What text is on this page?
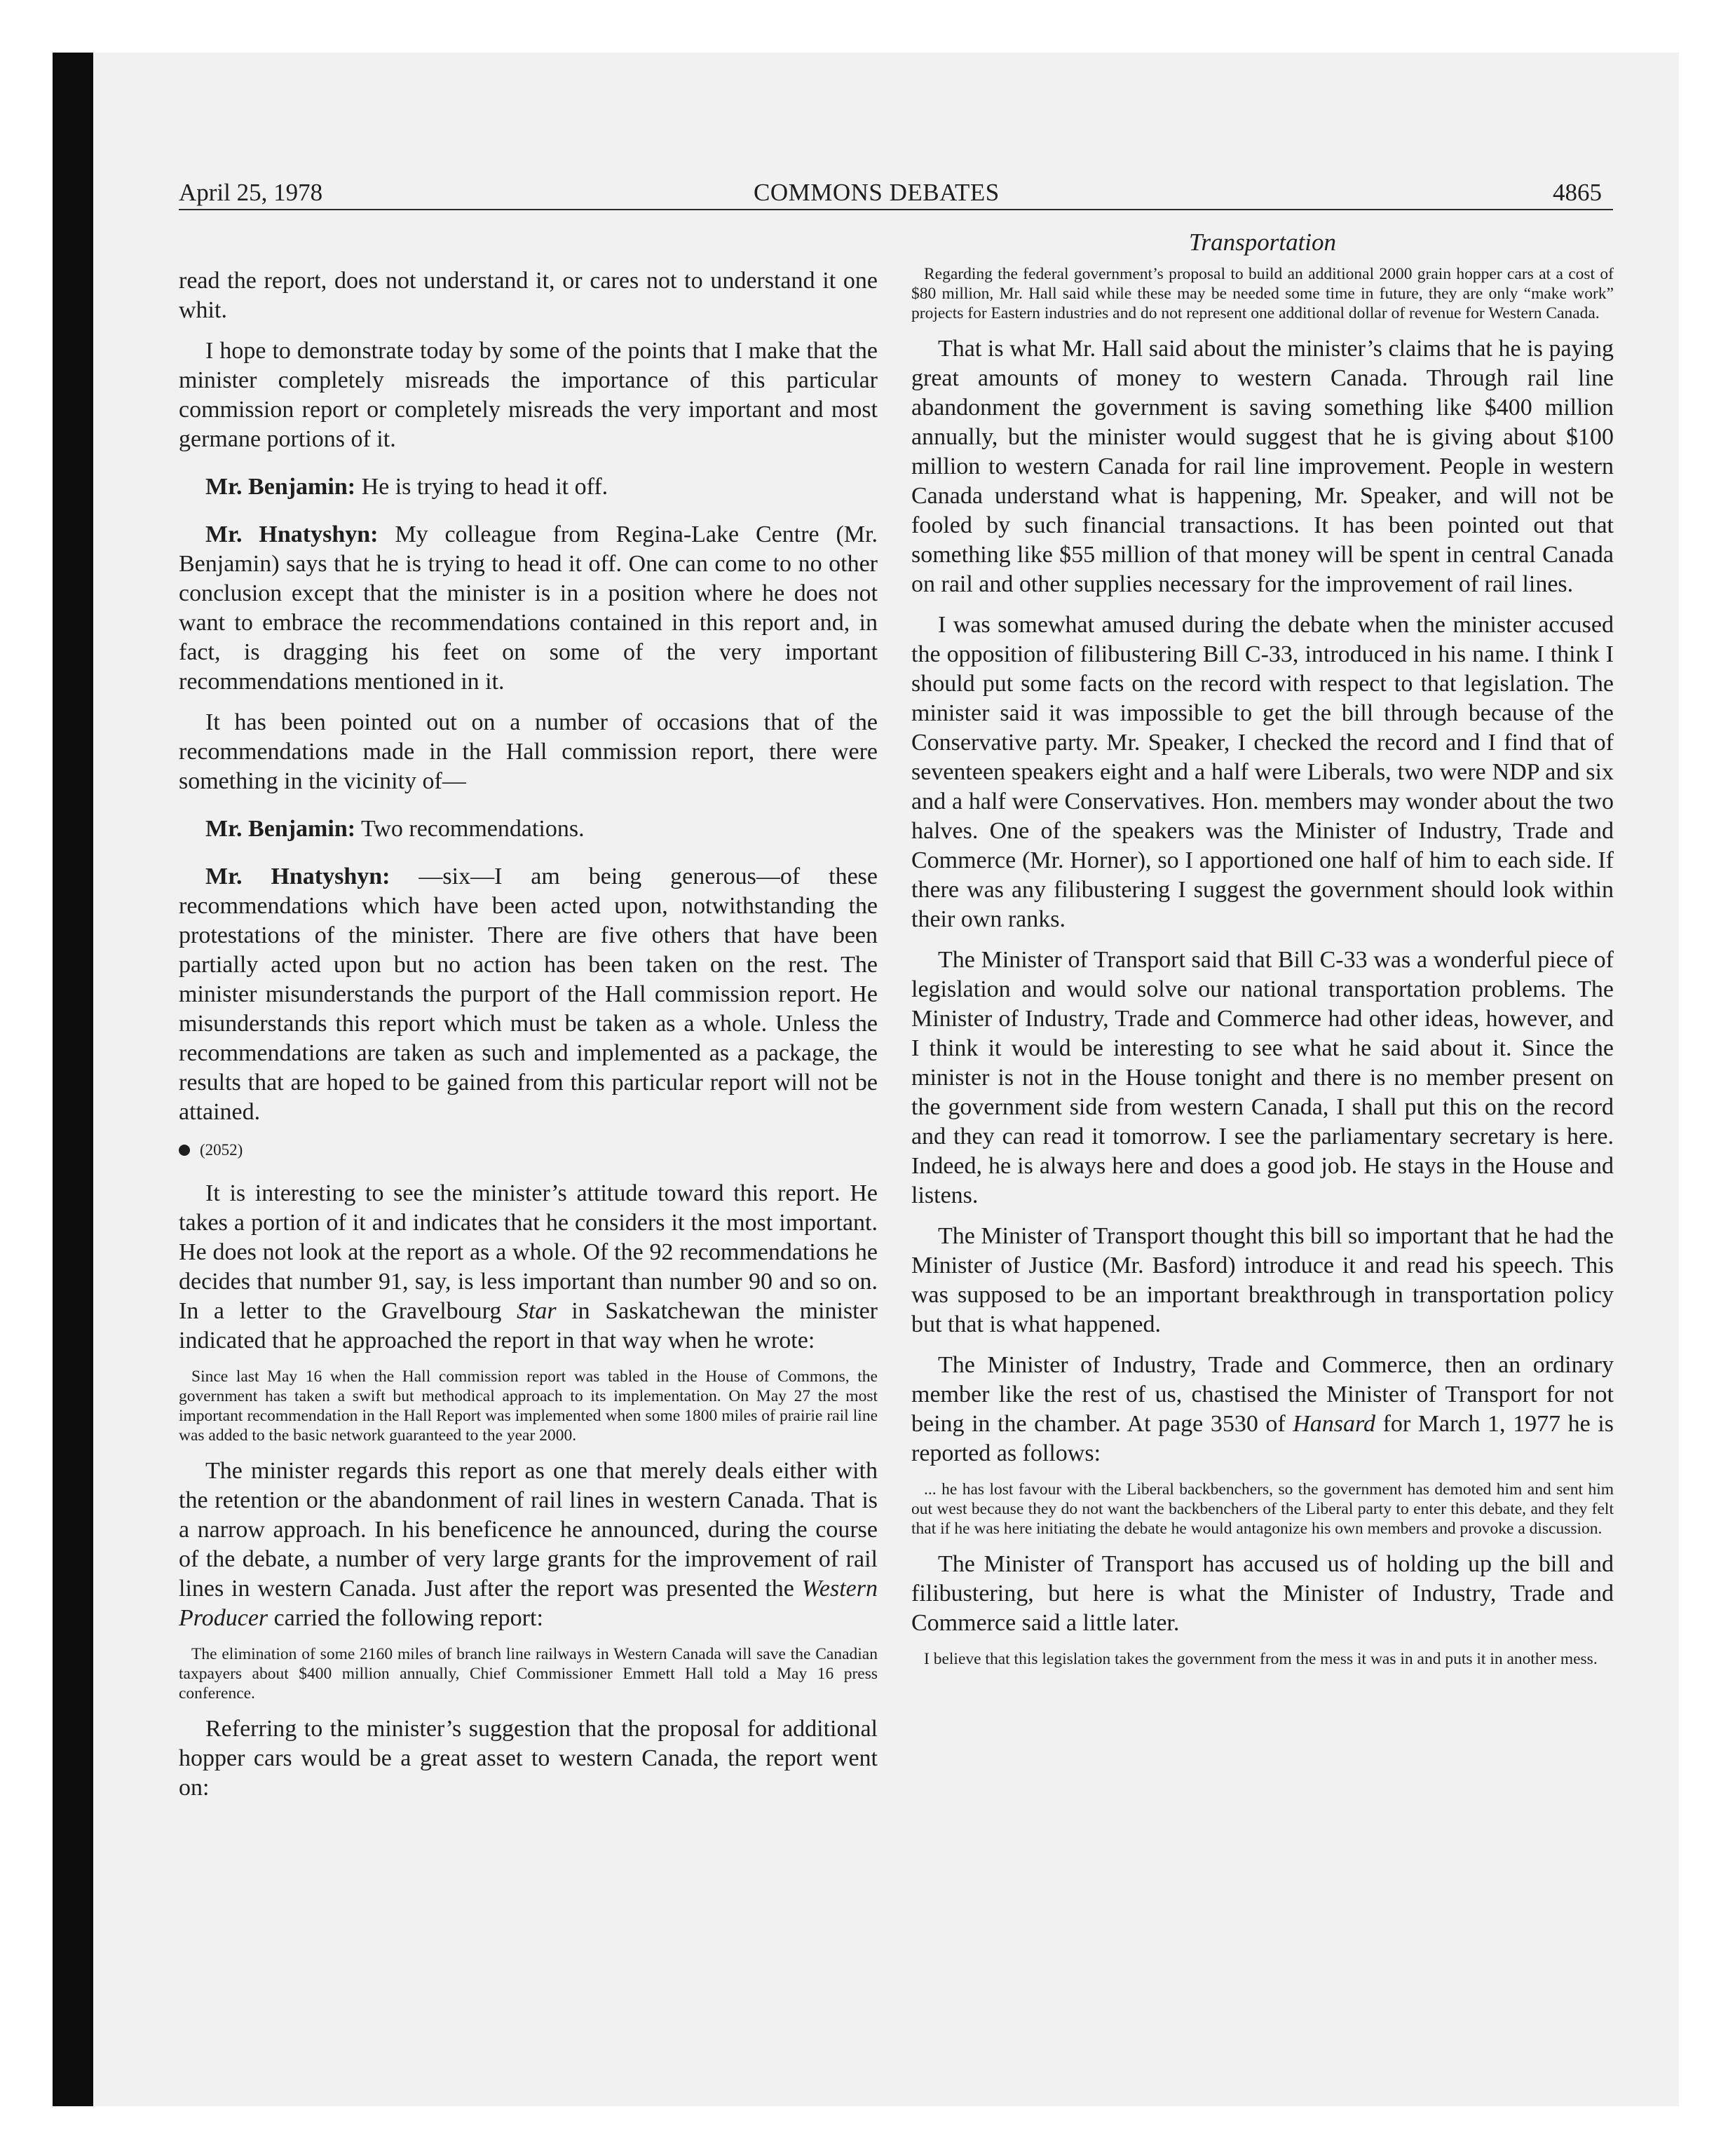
April 25, 1978	COMMONS DEBATES	4865

read the report, does not understand it, or cares not to understand it one whit.

I hope to demonstrate today by some of the points that I make that the minister completely misreads the importance of this particular commission report or completely misreads the very important and most germane portions of it.

Mr. Benjamin: He is trying to head it off.

Mr. Hnatyshyn: My colleague from Regina-Lake Centre (Mr. Benjamin) says that he is trying to head it off. One can come to no other conclusion except that the minister is in a position where he does not want to embrace the recommendations contained in this report and, in fact, is dragging his feet on some of the very important recommendations mentioned in it.

It has been pointed out on a number of occasions that of the recommendations made in the Hall commission report, there were something in the vicinity of—

Mr. Benjamin: Two recommendations.

Mr. Hnatyshyn: —six—I am being generous—of these recommendations which have been acted upon, notwithstanding the protestations of the minister. There are five others that have been partially acted upon but no action has been taken on the rest. The minister misunderstands the purport of the Hall commission report. He misunderstands this report which must be taken as a whole. Unless the recommendations are taken as such and implemented as a package, the results that are hoped to be gained from this particular report will not be attained.

(2052)

It is interesting to see the minister’s attitude toward this report. He takes a portion of it and indicates that he considers it the most important. He does not look at the report as a whole. Of the 92 recommendations he decides that number 91, say, is less important than number 90 and so on. In a letter to the Gravelbourg Star in Saskatchewan the minister indicated that he approached the report in that way when he wrote:

Since last May 16 when the Hall commission report was tabled in the House of Commons, the government has taken a swift but methodical approach to its implementation. On May 27 the most important recommendation in the Hall Report was implemented when some 1800 miles of prairie rail line was added to the basic network guaranteed to the year 2000.

The minister regards this report as one that merely deals either with the retention or the abandonment of rail lines in western Canada. That is a narrow approach. In his beneficence he announced, during the course of the debate, a number of very large grants for the improvement of rail lines in western Canada. Just after the report was presented the Western Producer carried the following report:

The elimination of some 2160 miles of branch line railways in Western Canada will save the Canadian taxpayers about $400 million annually, Chief Commissioner Emmett Hall told a May 16 press conference.

Referring to the minister’s suggestion that the proposal for additional hopper cars would be a great asset to western Canada, the report went on:

Transportation

Regarding the federal government’s proposal to build an additional 2000 grain hopper cars at a cost of $80 million, Mr. Hall said while these may be needed some time in future, they are only “make work” projects for Eastern industries and do not represent one additional dollar of revenue for Western Canada.

That is what Mr. Hall said about the minister’s claims that he is paying great amounts of money to western Canada. Through rail line abandonment the government is saving something like $400 million annually, but the minister would suggest that he is giving about $100 million to western Canada for rail line improvement. People in western Canada understand what is happening, Mr. Speaker, and will not be fooled by such financial transactions. It has been pointed out that something like $55 million of that money will be spent in central Canada on rail and other supplies necessary for the improvement of rail lines.

I was somewhat amused during the debate when the minister accused the opposition of filibustering Bill C-33, introduced in his name. I think I should put some facts on the record with respect to that legislation. The minister said it was impossible to get the bill through because of the Conservative party. Mr. Speaker, I checked the record and I find that of seventeen speakers eight and a half were Liberals, two were NDP and six and a half were Conservatives. Hon. members may wonder about the two halves. One of the speakers was the Minister of Industry, Trade and Commerce (Mr. Horner), so I apportioned one half of him to each side. If there was any filibustering I suggest the government should look within their own ranks.

The Minister of Transport said that Bill C-33 was a wonderful piece of legislation and would solve our national transportation problems. The Minister of Industry, Trade and Commerce had other ideas, however, and I think it would be interesting to see what he said about it. Since the minister is not in the House tonight and there is no member present on the government side from western Canada, I shall put this on the record and they can read it tomorrow. I see the parliamentary secretary is here. Indeed, he is always here and does a good job. He stays in the House and listens.

The Minister of Transport thought this bill so important that he had the Minister of Justice (Mr. Basford) introduce it and read his speech. This was supposed to be an important breakthrough in transportation policy but that is what happened.

The Minister of Industry, Trade and Commerce, then an ordinary member like the rest of us, chastised the Minister of Transport for not being in the chamber. At page 3530 of Hansard for March 1, 1977 he is reported as follows:

... he has lost favour with the Liberal backbenchers, so the government has demoted him and sent him out west because they do not want the backbenchers of the Liberal party to enter this debate, and they felt that if he was here initiating the debate he would antagonize his own members and provoke a discussion.

The Minister of Transport has accused us of holding up the bill and filibustering, but here is what the Minister of Industry, Trade and Commerce said a little later.

I believe that this legislation takes the government from the mess it was in and puts it in another mess.
